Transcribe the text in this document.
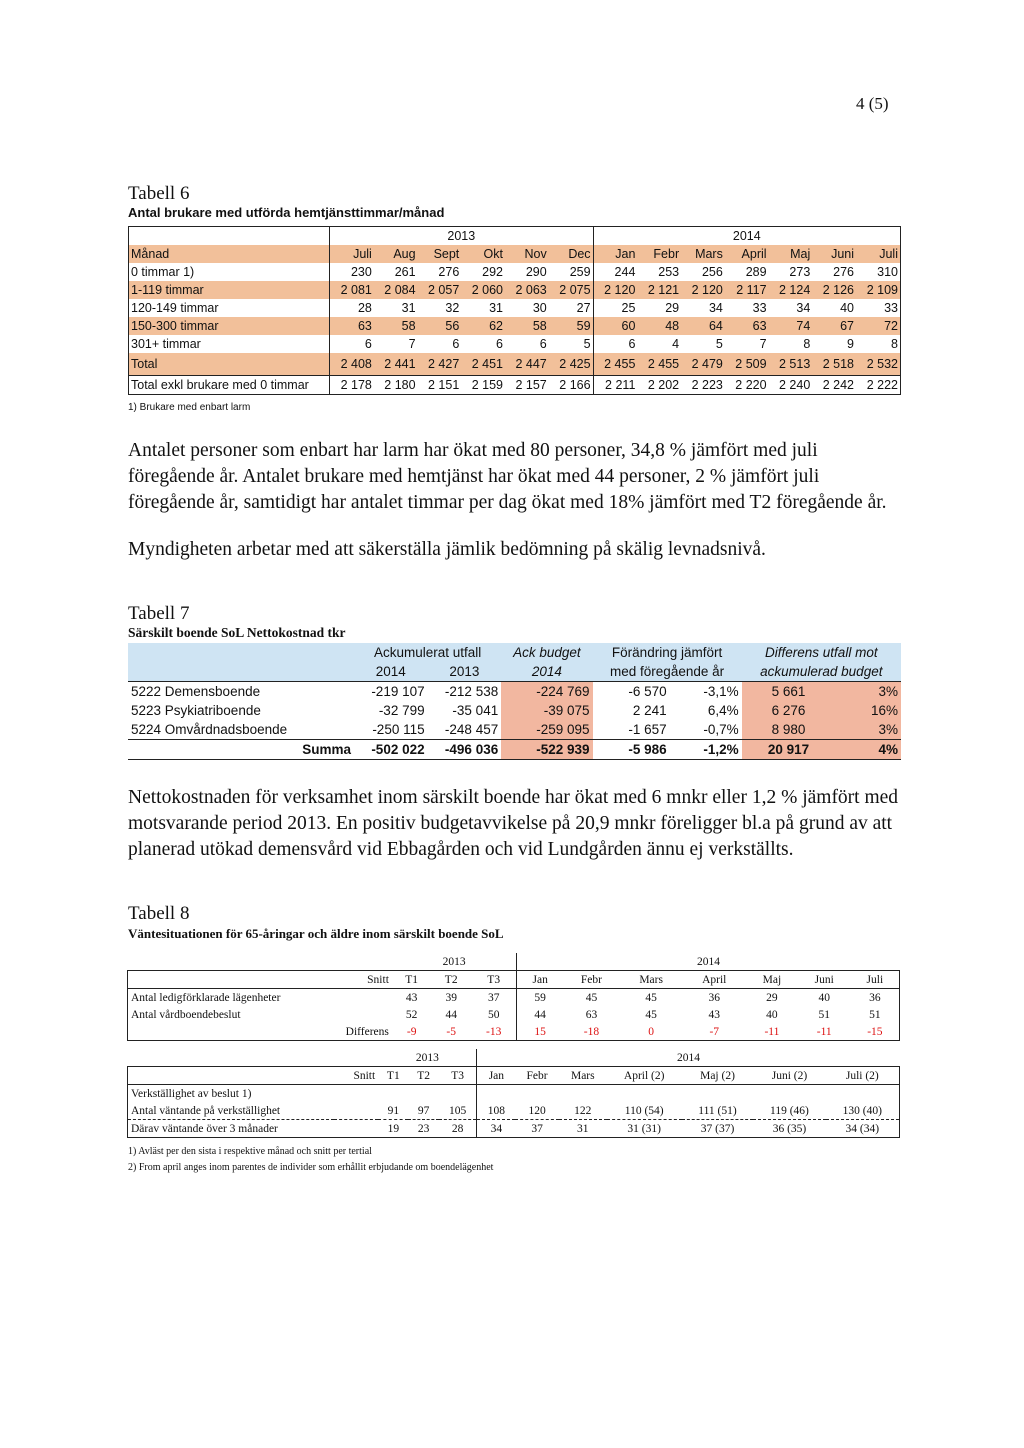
4 (5)
Tabell 6
Antal brukare med utförda hemtjänsttimmar/månad
	2013						2014						
Månad	Juli	Aug	Sept	Okt	Nov	Dec	Jan	Febr	Mars	April	Maj	Juni	Juli
0 timmar 1)	230	261	276	292	290	259	244	253	256	289	273	276	310
1-119 timmar	2 081	2 084	2 057	2 060	2 063	2 075	2 120	2 121	2 120	2 117	2 124	2 126	2 109
120-149 timmar	28	31	32	31	30	27	25	29	34	33	34	40	33
150-300 timmar	63	58	56	62	58	59	60	48	64	63	74	67	72
301+ timmar	6	7	6	6	6	5	6	4	5	7	8	9	8
Total	2 408	2 441	2 427	2 451	2 447	2 425	2 455	2 455	2 479	2 509	2 513	2 518	2 532
Total exkl brukare med 0 timmar	2 178	2 180	2 151	2 159	2 157	2 166	2 211	2 202	2 223	2 220	2 240	2 242	2 222
1) Brukare med enbart larm
Antalet personer som enbart har larm har ökat med 80 personer, 34,8 % jämfört med juli föregående år. Antalet brukare med hemtjänst har ökat med 44 personer, 2 % jämfört juli föregående år, samtidigt har antalet timmar per dag ökat med 18% jämfört med T2 föregående år.
Myndigheten arbetar med att säkerställa jämlik bedömning på skälig levnadsnivå.
Tabell 7
Särskilt boende SoL Nettokostnad tkr
	Ackumulerat utfall		Ack budget	Förändring jämfört		Differens utfall mot	
	2014	2013	2014	med föregående år		ackumulerad budget	
5222 Demensboende	-219 107	-212 538	-224 769	-6 570	-3,1%	5 661	3%
5223 Psykiatriboende	-32 799	-35 041	-39 075	2 241	6,4%	6 276	16%
5224 Omvårdnadsboende	-250 115	-248 457	-259 095	-1 657	-0,7%	8 980	3%
Summa	-502 022	-496 036	-522 939	-5 986	-1,2%	20 917	4%
Nettokostnaden för verksamhet inom särskilt boende har ökat med 6 mnkr eller 1,2 % jämfört med motsvarande period 2013. En positiv budgetavvikelse på 20,9 mnkr föreligger bl.a på grund av att planerad utökad demensvård vid Ebbagården och vid Lundgården ännu ej verkställts.
Tabell 8
Väntesituationen för 65-åringar och äldre inom särskilt boende SoL
		2013			2014						
	Snitt	T1	T2	T3	Jan	Febr	Mars	April	Maj	Juni	Juli
Antal ledigförklarade lägenheter		43	39	37	59	45	45	36	29	40	36
Antal vårdboendebeslut		52	44	50	44	63	45	43	40	51	51
Differens		-9	-5	-13	15	-18	0	-7	-11	-11	-15
		2013			2014						
	Snitt	T1	T2	T3	Jan	Febr	Mars	April (2)	Maj (2)	Juni (2)	Juli (2)
Verkställighet av beslut 1)											
Antal väntande på verkställighet		91	97	105	108	120	122	110 (54)	111 (51)	119 (46)	130 (40)
Därav väntande över 3 månader		19	23	28	34	37	31	31 (31)	37 (37)	36 (35)	34 (34)
1) Avläst per den sista i respektive månad och snitt per tertial
2) From april anges inom parentes de individer som erhållit erbjudande om boendelägenhet
